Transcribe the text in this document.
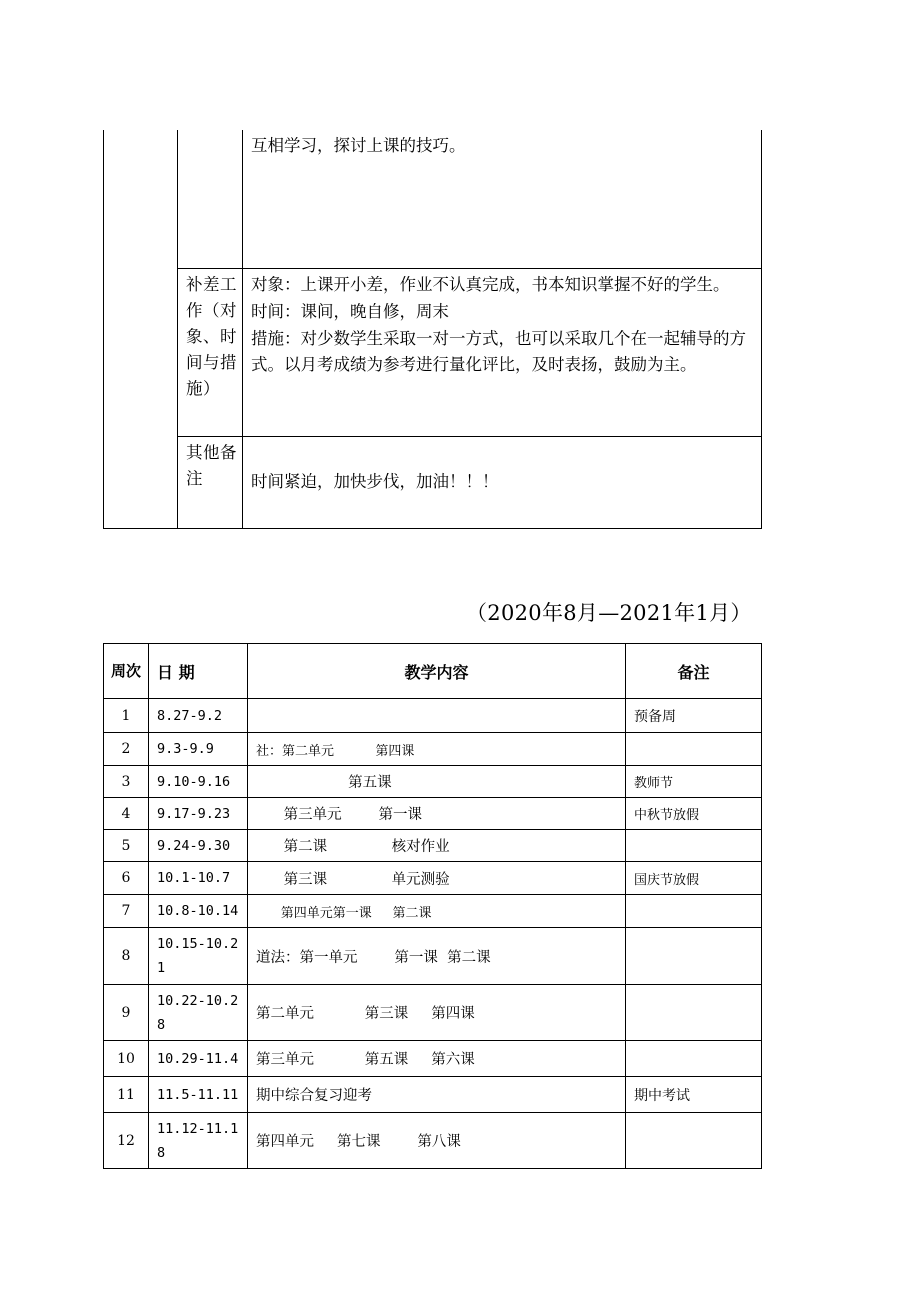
		互相学习，探讨上课的技巧。

	补差工作（对象、时间与措施）	对象：上课开小差，作业不认真完成，书本知识掌握不好的学生。

时间：课间，晚自修，周末

措施：对少数学生采取一对一方式，也可以采取几个在一起辅导的方式。以月考成绩为参考进行量化评比，及时表扬，鼓励为主。

	其他备注	时间紧迫，加快步伐，加油！！！
（2020年8月—2021年1月）
周次	日 期	教学内容	备注
1	8.27-9.2		预备周
2	9.3-9.9	社：第二单元          第四课	
3	9.10-9.16	第五课	教师节
4	9.17-9.23	第三单元        第一课	中秋节放假
5	9.24-9.30	第二课              核对作业	
6	10.1-10.7	第三课              单元测验	国庆节放假
7	10.8-10.14	第四单元第一课     第二课	
8	10.15-10.21	道法：第一单元        第一课  第二课	
9	10.22-10.28	第二单元           第三课     第四课	
10	10.29-11.4	第三单元           第五课     第六课	
11	11.5-11.11	期中综合复习迎考	期中考试
12	11.12-11.18	第四单元     第七课        第八课	
